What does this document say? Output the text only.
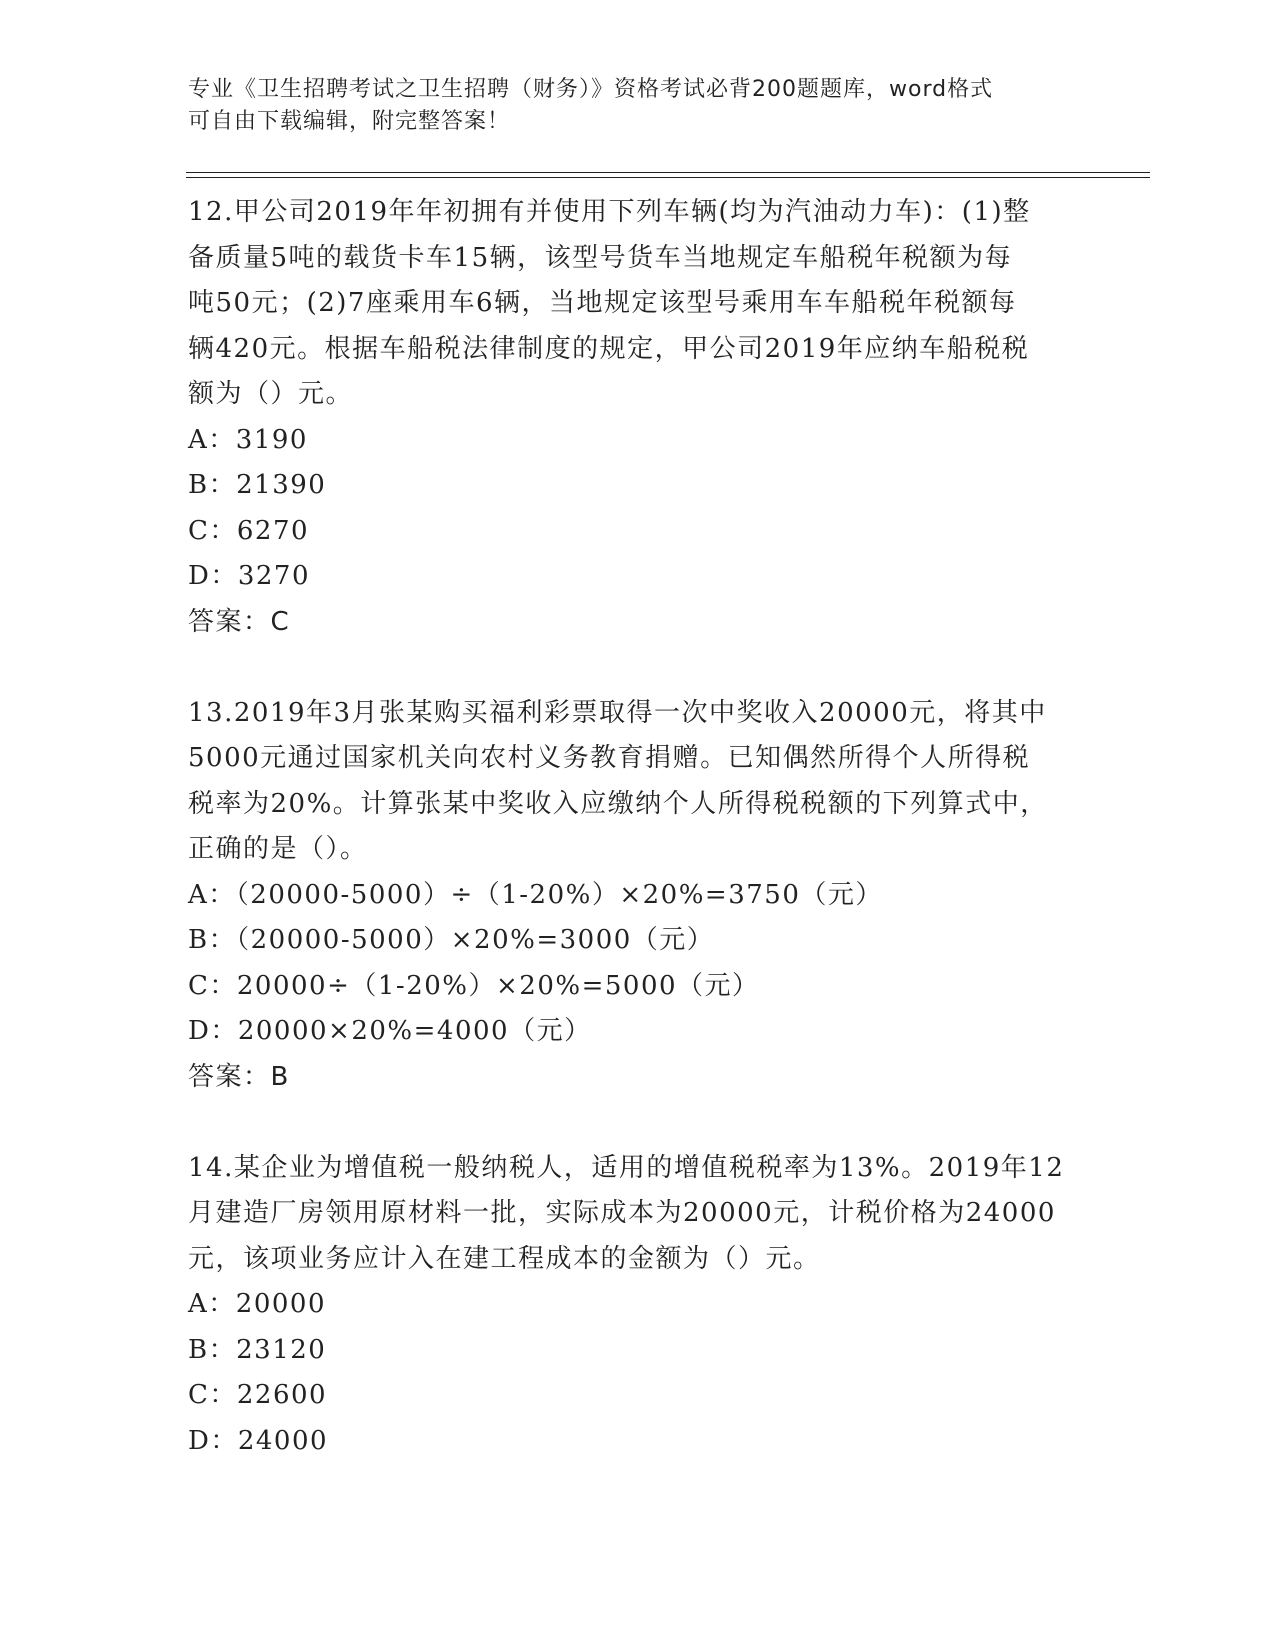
专业《卫生招聘考试之卫生招聘（财务）》资格考试必背200题题库，word格式
可自由下载编辑，附完整答案！
12.甲公司2019年年初拥有并使用下列车辆(均为汽油动力车)：(1)整
备质量5吨的载货卡车15辆，该型号货车当地规定车船税年税额为每
吨50元；(2)7座乘用车6辆，当地规定该型号乘用车车船税年税额每
辆420元。根据车船税法律制度的规定，甲公司2019年应纳车船税税
额为（）元。
A：3190
B：21390
C：6270
D：3270
答案：C
13.2019年3月张某购买福利彩票取得一次中奖收入20000元，将其中
5000元通过国家机关向农村义务教育捐赠。已知偶然所得个人所得税
税率为20%。计算张某中奖收入应缴纳个人所得税税额的下列算式中，
正确的是（）。
A：（20000-5000）÷（1-20%）×20%=3750（元）
B：（20000-5000）×20%=3000（元）
C：20000÷（1-20%）×20%=5000（元）
D：20000×20%=4000（元）
答案：B
14.某企业为增值税一般纳税人，适用的增值税税率为13%。2019年12
月建造厂房领用原材料一批，实际成本为20000元，计税价格为24000
元，该项业务应计入在建工程成本的金额为（）元。
A：20000
B：23120
C：22600
D：24000
